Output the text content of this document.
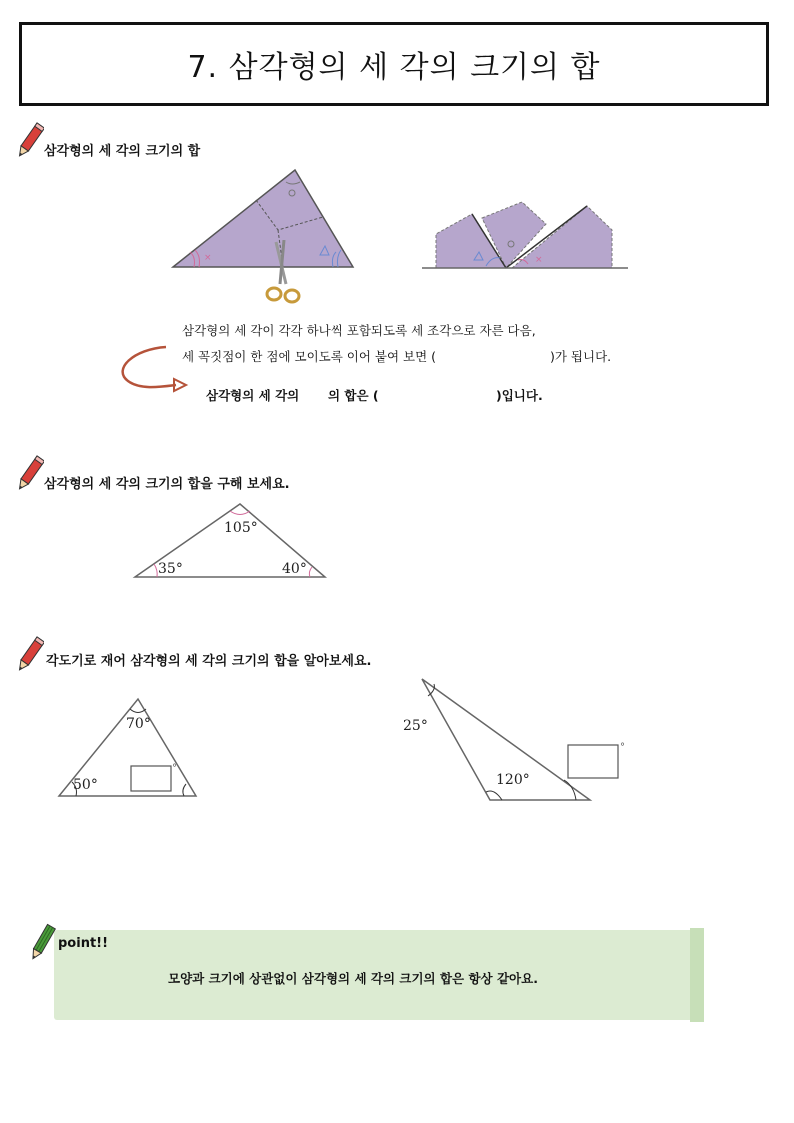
7. 삼각형의 세 각의 크기의 합
삼각형의 세 각의 크기의 합
×	×
삼각형의 세 각이 각각 하나씩 포함되도록 세 조각으로 자른 다음,
세 꼭짓점이 한 점에 모이도록 이어 붙여 보면 (	)가 됩니다.
삼각형의 세 각의 의 합은 (	)입니다.
삼각형의 세 각의 크기의 합을 구해 보세요.
105°
35°	40°
각도기로 재어 삼각형의 세 각의 크기의 합을 알아보세요.
70°
50°
°
25°
120°
°
point!!
모양과 크기에 상관없이 삼각형의 세 각의 크기의 합은 항상 같아요.
